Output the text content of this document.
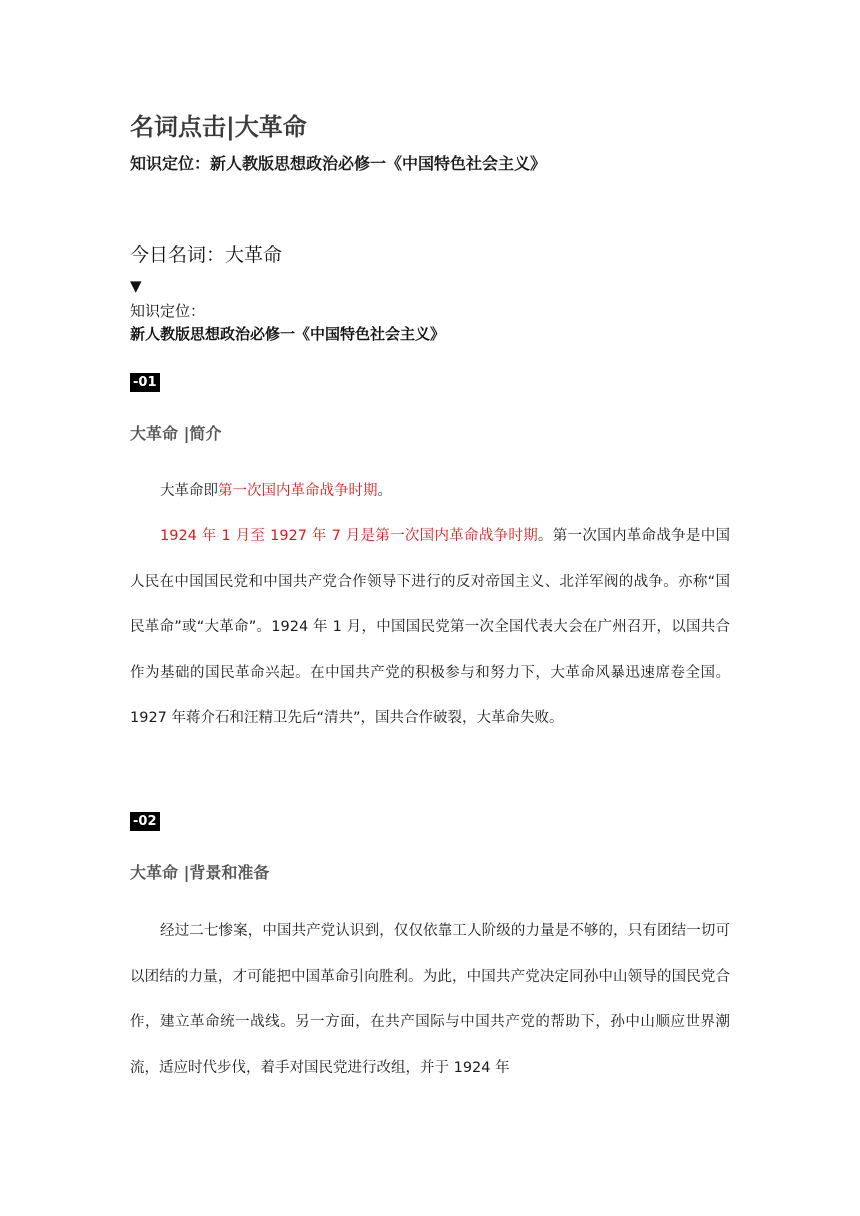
名词点击|大革命知识定位：新人教版思想政治必修一《中国特色社会主义》
今日名词：大革命
▼
知识定位：
新人教版思想政治必修一《中国特色社会主义》
-01
大革命 |简介
大革命即第一次国内革命战争时期。
1924 年 1 月至 1927 年 7 月是第一次国内革命战争时期。第一次国内革命战争是中国人民在中国国民党和中国共产党合作领导下进行的反对帝国主义、北洋军阀的战争。亦称“国民革命”或“大革命”。1924 年 1 月，中国国民党第一次全国代表大会在广州召开，以国共合作为基础的国民革命兴起。在中国共产党的积极参与和努力下，大革命风暴迅速席卷全国。1927 年蒋介石和汪精卫先后“清共”，国共合作破裂，大革命失败。
-02
大革命 |背景和准备
经过二七惨案，中国共产党认识到，仅仅依靠工人阶级的力量是不够的，只有团结一切可以团结的力量，才可能把中国革命引向胜利。为此，中国共产党决定同孙中山领导的国民党合作，建立革命统一战线。另一方面，在共产国际与中国共产党的帮助下，孙中山顺应世界潮流，适应时代步伐，着手对国民党进行改组，并于 1924 年
